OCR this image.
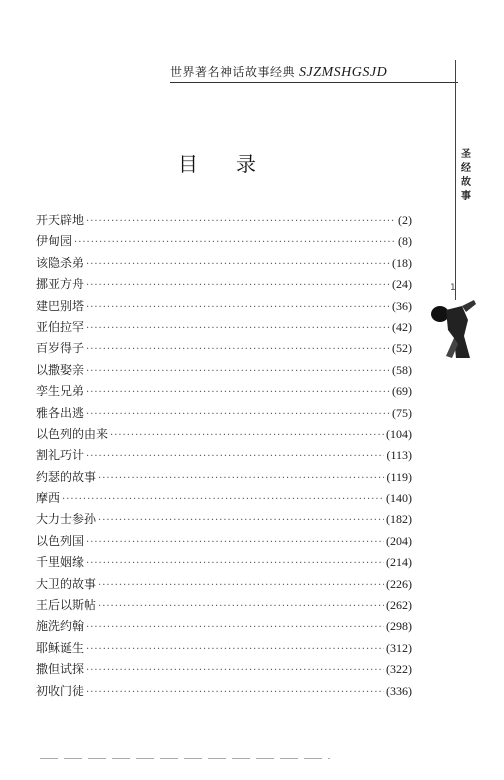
世界著名神话故事经典 SJZMSHGSJD
圣经故事
1
目录
开天辟地 ·····	(2)
伊甸园 ·····	(8)
该隐杀弟 ·····	(18)
挪亚方舟 ·····	(24)
建巴别塔 ·····	(36)
亚伯拉罕 ·····	(42)
百岁得子 ·····	(52)
以撒娶亲 ·····	(58)
孪生兄弟 ·····	(69)
雅各出逃 ·····	(75)
以色列的由来 ·····	(104)
割礼巧计 ·····	(113)
约瑟的故事 ·····	(119)
摩西 ·····	(140)
大力士参孙 ·····	(182)
以色列国 ·····	(204)
千里姻缘 ·····	(214)
大卫的故事 ·····	(226)
王后以斯帖 ·····	(262)
施洗约翰 ·····	(298)
耶稣诞生 ·····	(312)
撒但试探 ·····	(322)
初收门徒 ·····	(336)
